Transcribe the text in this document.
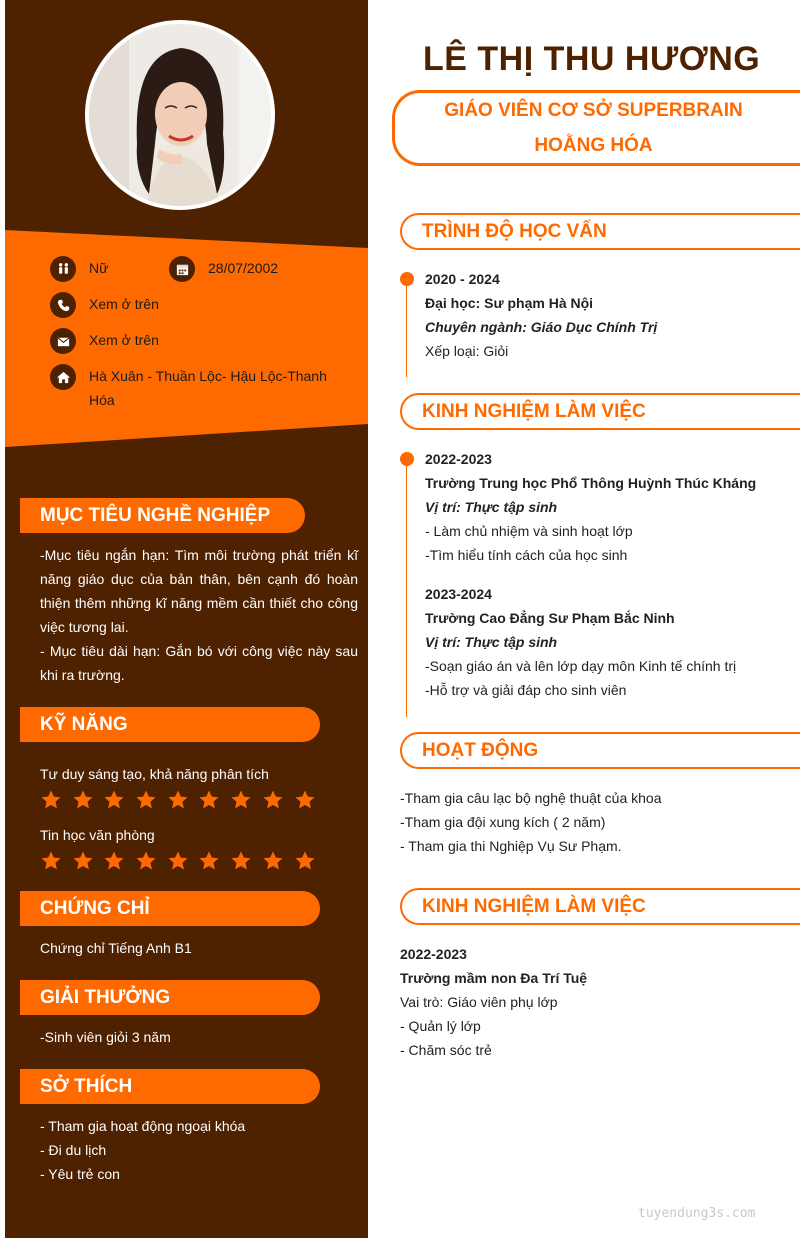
Nữ	28/07/2002
Xem ở trên
Xem ở trên
Hà Xuân - Thuần Lộc- Hậu Lộc-Thanh
Hóa
MỤC TIÊU NGHỀ NGHIỆP
-Mục tiêu ngắn hạn: Tìm môi trường phát triển kĩ
năng giáo dục của bản thân, bên cạnh đó hoàn
thiện thêm những kĩ năng mềm cần thiết cho công
việc tương lai.
- Mục tiêu dài hạn: Gắn bó với công việc này sau
khi ra trường.
KỸ NĂNG
Tư duy sáng tạo, khả năng phân tích
Tin học văn phòng
CHỨNG CHỈ
Chứng chỉ Tiếng Anh B1
GIẢI THƯỞNG
-Sinh viên giỏi 3 năm
SỞ THÍCH
- Tham gia hoạt động ngoại khóa
- Đi du lịch
- Yêu trẻ con
LÊ THỊ THU HƯƠNG
GIÁO VIÊN CƠ SỞ SUPERBRAIN
HOẰNG HÓA
TRÌNH ĐỘ HỌC VẤN
2020 - 2024
Đại học: Sư phạm Hà Nội
Chuyên ngành: Giáo Dục Chính Trị
Xếp loại: Giỏi
KINH NGHIỆM LÀM VIỆC
2022-2023
Trường Trung học Phổ Thông Huỳnh Thúc Kháng
Vị trí: Thực tập sinh
- Làm chủ nhiệm và sinh hoạt lớp
-Tìm hiểu tính cách của học sinh
2023-2024
Trường Cao Đẳng Sư Phạm Bắc Ninh
Vị trí: Thực tập sinh
-Soạn giáo án và lên lớp dạy môn Kinh tế chính trị
-Hỗ trợ và giải đáp cho sinh viên
HOẠT ĐỘNG
-Tham gia câu lạc bộ nghệ thuật của khoa
-Tham gia đội xung kích ( 2 năm)
- Tham gia thi Nghiệp Vụ Sư Phạm.
KINH NGHIỆM LÀM VIỆC
2022-2023
Trường mầm non Đa Trí Tuệ
Vai trò: Giáo viên phụ lớp
- Quản lý lớp
- Chăm sóc trẻ
tuyendung3s.com
